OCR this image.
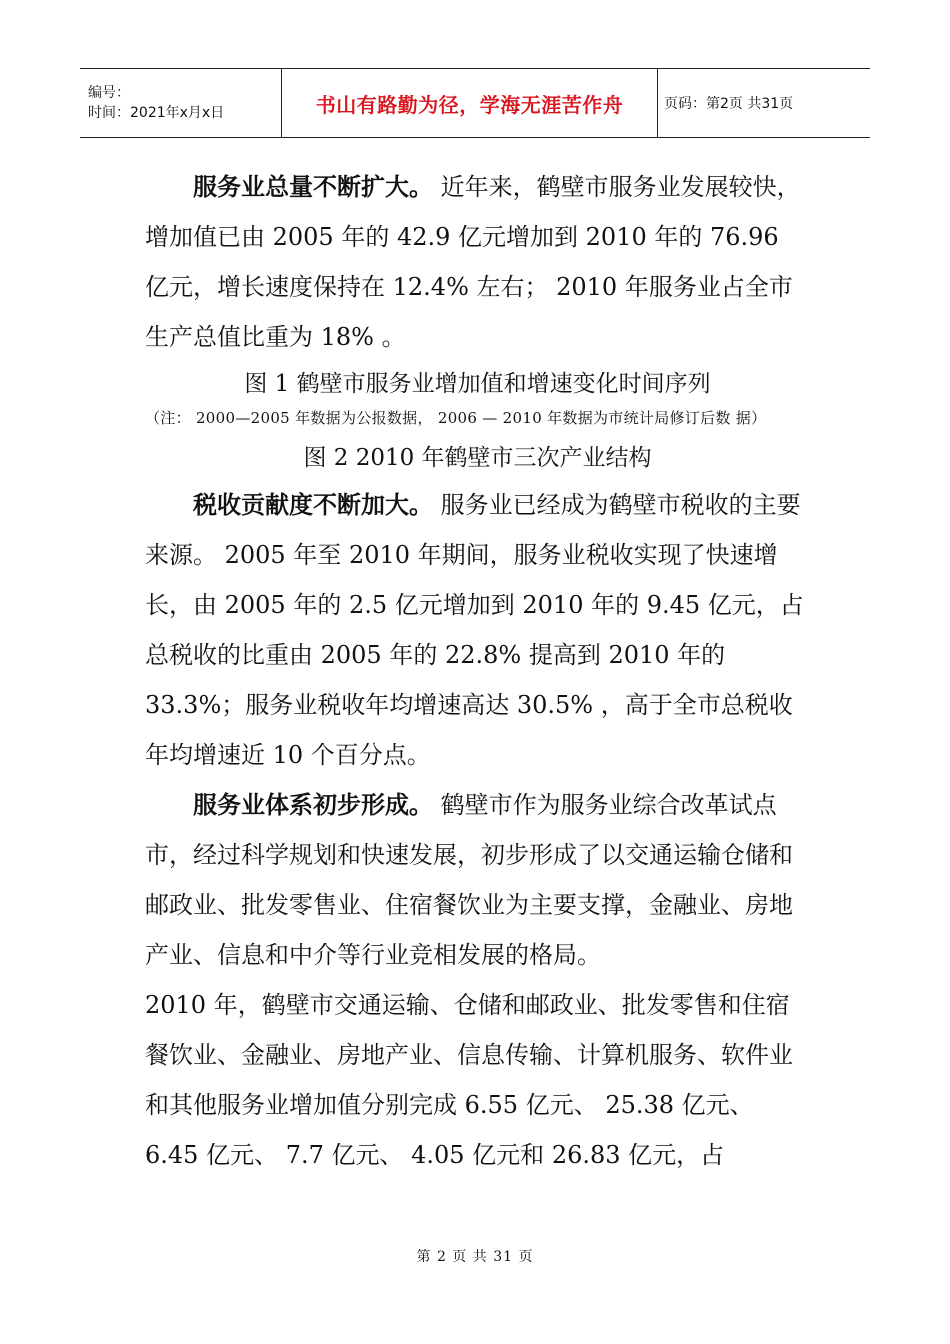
编号：
时间：2021年x月x日	书山有路勤为径，学海无涯苦作舟	页码：第2页 共31页

服务业总量不断扩大。 近年来，鹤壁市服务业发展较快，增加值已由 2005 年的 42.9 亿元增加到 2010 年的 76.96 亿元，增长速度保持在 12.4% 左右； 2010 年服务业占全市生产总值比重为 18% 。

图 1 鹤壁市服务业增加值和增速变化时间序列

（注： 2000—2005 年数据为公报数据， 2006 — 2010 年数据为市统计局修订后数 据）

图 2 2010 年鹤壁市三次产业结构

税收贡献度不断加大。 服务业已经成为鹤壁市税收的主要来源。 2005 年至 2010 年期间，服务业税收实现了快速增长，由 2005 年的 2.5 亿元增加到 2010 年的 9.45 亿元，占总税收的比重由 2005 年的 22.8% 提高到 2010 年的 33.3%；服务业税收年均增速高达 30.5% ，高于全市总税收年均增速近 10 个百分点。

服务业体系初步形成。 鹤壁市作为服务业综合改革试点市，经过科学规划和快速发展，初步形成了以交通运输仓储和邮政业、批发零售业、住宿餐饮业为主要支撑，金融业、房地产业、信息和中介等行业竞相发展的格局。

2010 年，鹤壁市交通运输、仓储和邮政业、批发零售和住宿餐饮业、金融业、房地产业、信息传输、计算机服务、软件业和其他服务业增加值分别完成 6.55 亿元、 25.38 亿元、 6.45 亿元、 7.7 亿元、 4.05 亿元和 26.83 亿元，占

第 2 页 共 31 页
